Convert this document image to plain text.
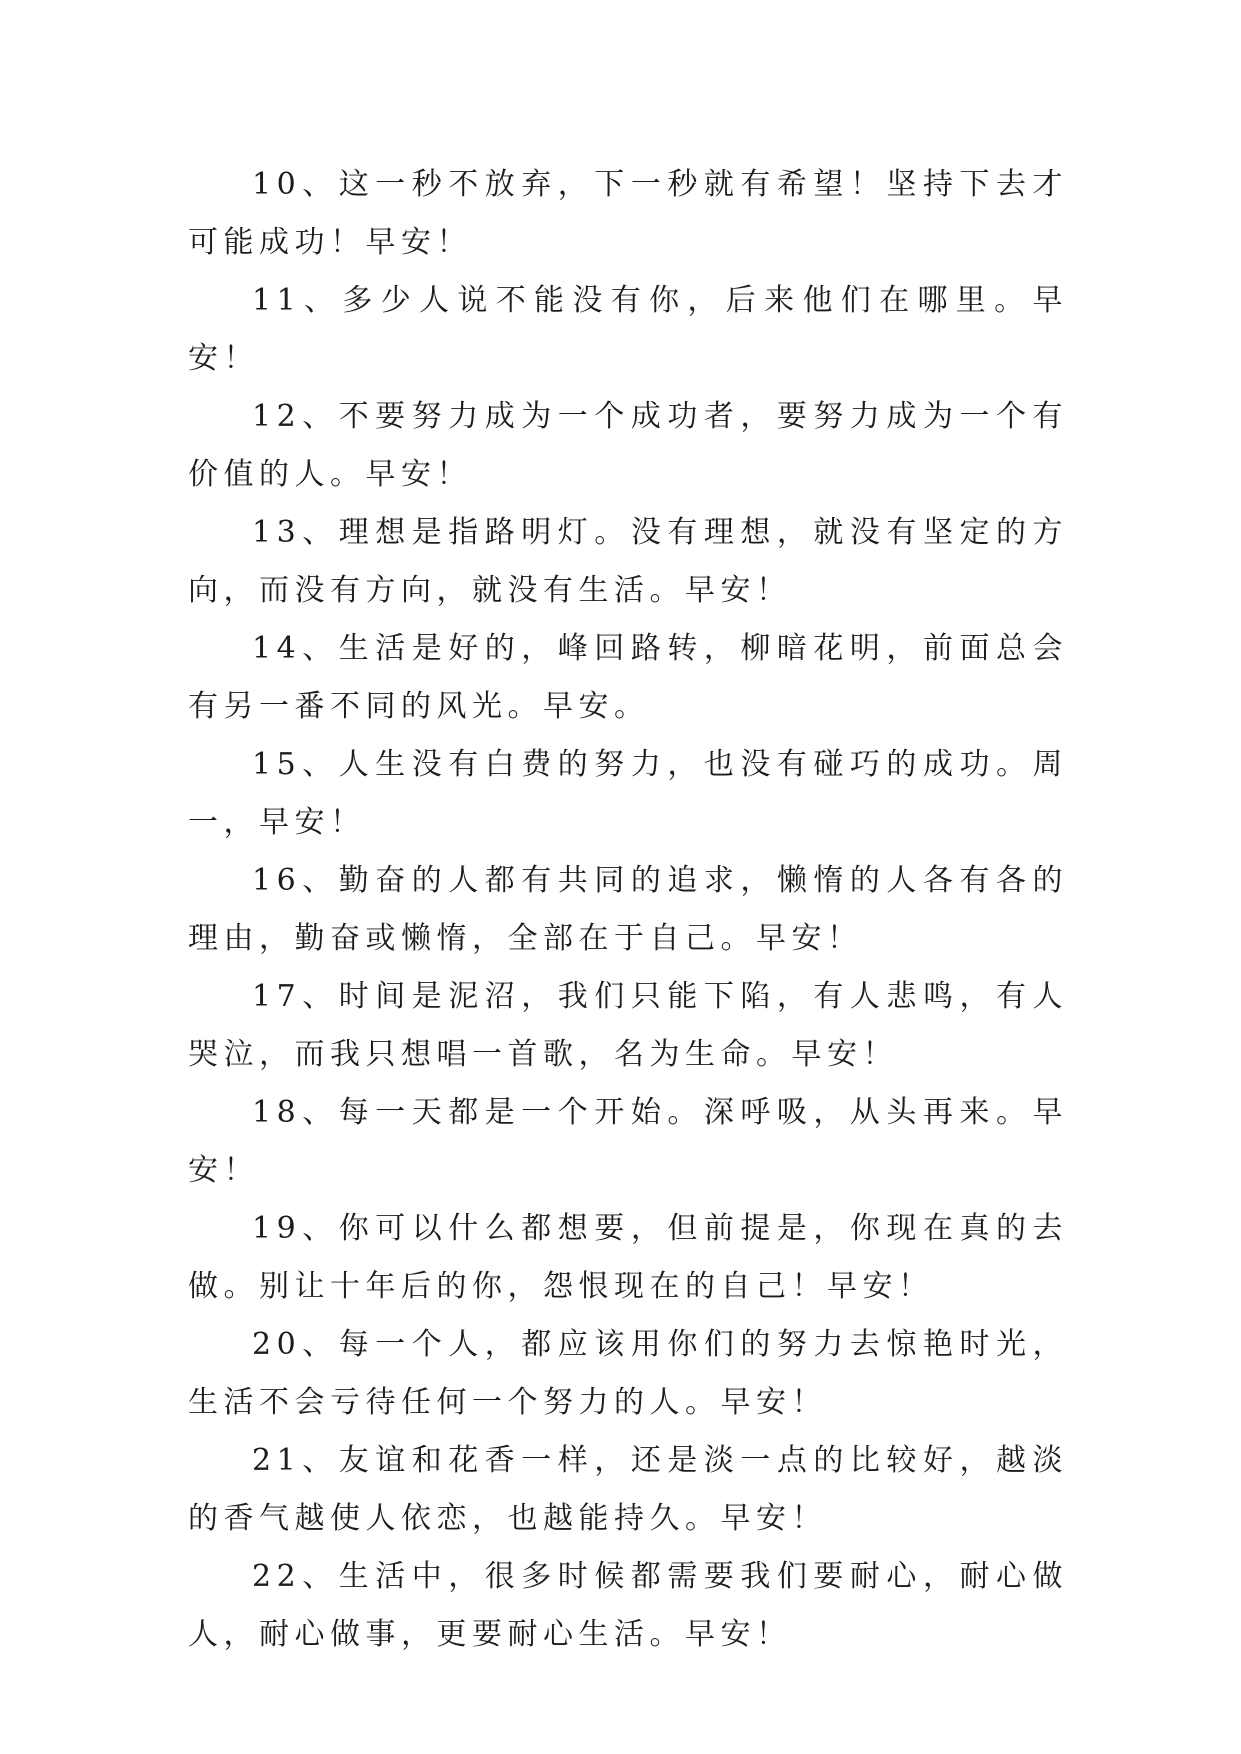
10、这一秒不放弃，下一秒就有希望！坚持下去才可能成功！早安！

11、多少人说不能没有你，后来他们在哪里。早安！

12、不要努力成为一个成功者，要努力成为一个有价值的人。早安！

13、理想是指路明灯。没有理想，就没有坚定的方向，而没有方向，就没有生活。早安！

14、生活是好的，峰回路转，柳暗花明，前面总会有另一番不同的风光。早安。

15、人生没有白费的努力，也没有碰巧的成功。周一，早安！

16、勤奋的人都有共同的追求，懒惰的人各有各的理由，勤奋或懒惰，全部在于自己。早安！

17、时间是泥沼，我们只能下陷，有人悲鸣，有人哭泣，而我只想唱一首歌，名为生命。早安！

18、每一天都是一个开始。深呼吸，从头再来。早安！

19、你可以什么都想要，但前提是，你现在真的去做。别让十年后的你，怨恨现在的自己！早安！

20、每一个人，都应该用你们的努力去惊艳时光，生活不会亏待任何一个努力的人。早安！

21、友谊和花香一样，还是淡一点的比较好，越淡的香气越使人依恋，也越能持久。早安！

22、生活中，很多时候都需要我们要耐心，耐心做人，耐心做事，更要耐心生活。早安！
